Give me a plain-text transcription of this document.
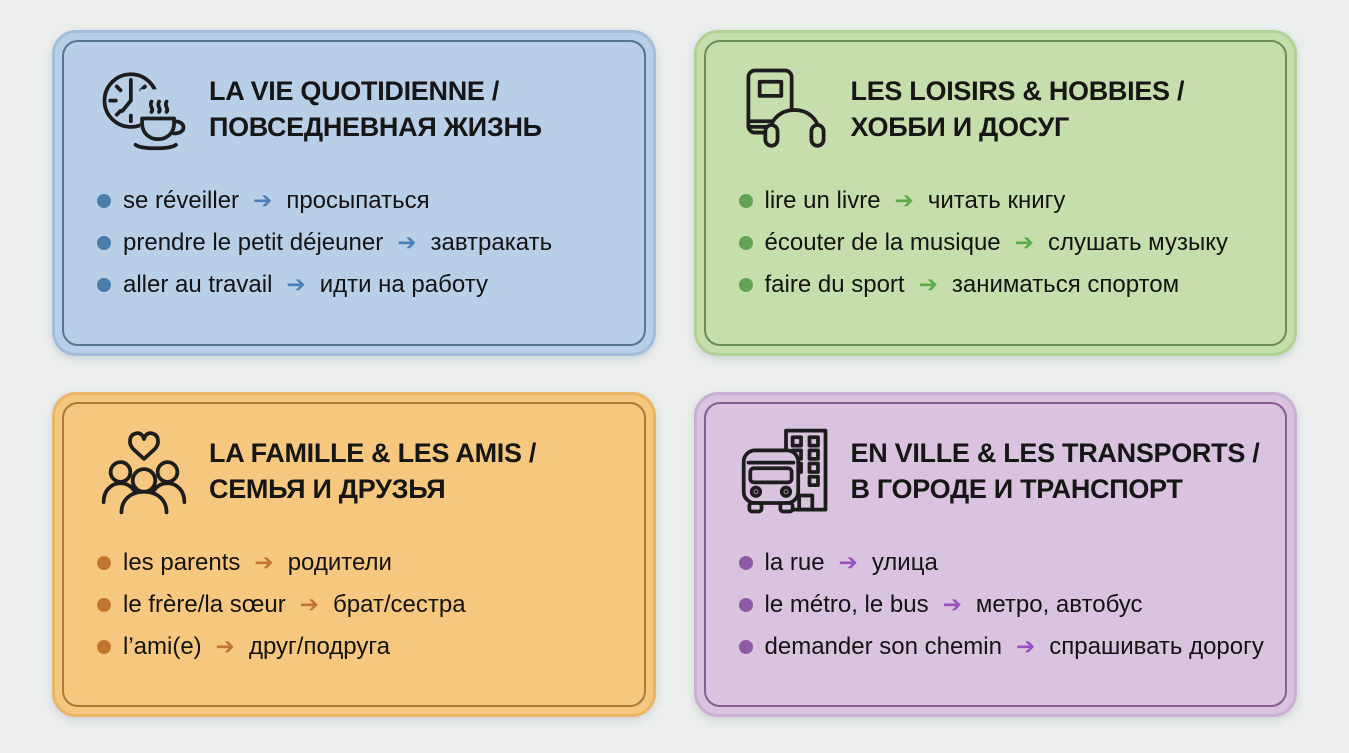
LA VIE QUOTIDIENNE /
ПОВСЕДНЕВНАЯ ЖИЗНЬ
se réveiller ➔ просыпаться
prendre le petit déjeuner ➔ завтракать
aller au travail ➔ идти на работу
LES LOISIRS & HOBBIES /
ХОББИ И ДОСУГ
lire un livre ➔ читать книгу
écouter de la musique ➔ слушать музыку
faire du sport ➔ заниматься спортом
LA FAMILLE & LES AMIS /
СЕМЬЯ И ДРУЗЬЯ
les parents ➔ родители
le frère/la sœur ➔ брат/сестра
l’ami(e) ➔ друг/подруга
EN VILLE & LES TRANSPORTS /
В ГОРОДЕ И ТРАНСПОРТ
la rue ➔ улица
le métro, le bus ➔ метро, автобус
demander son chemin ➔ спрашивать дорогу
